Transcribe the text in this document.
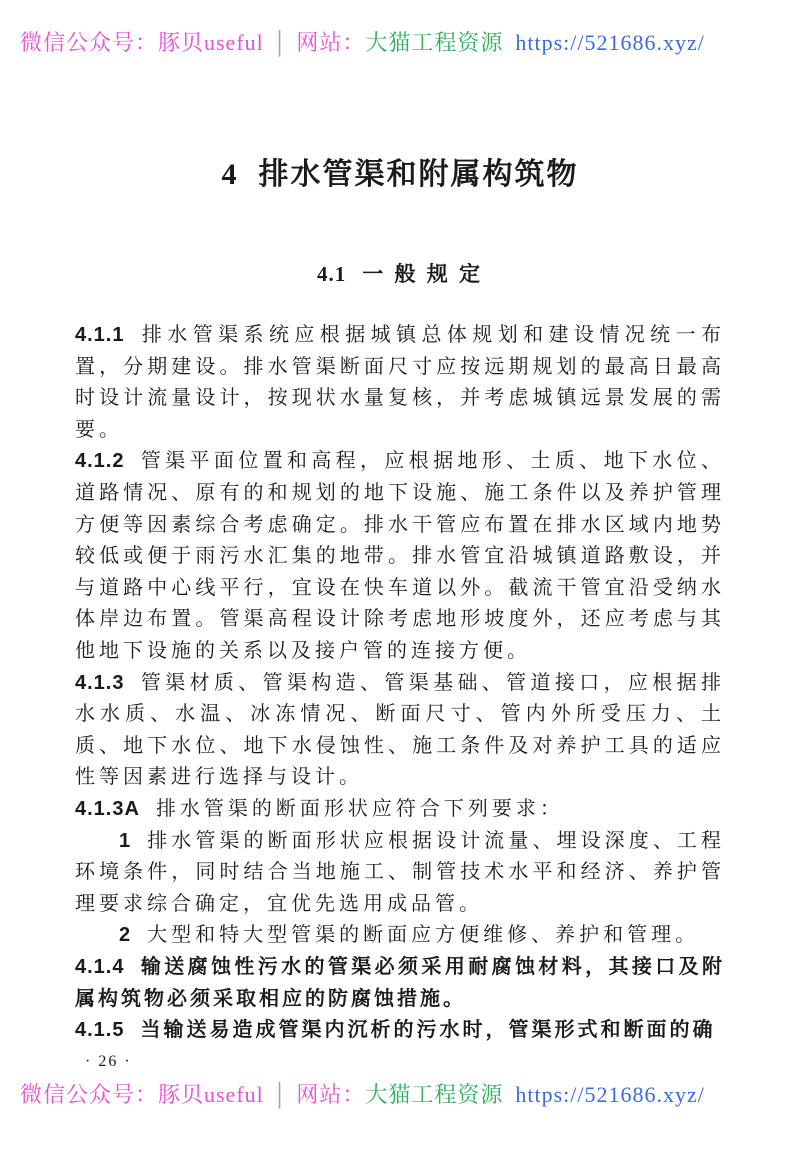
微信公众号：豚贝useful │ 网站：大猫工程资源 https://521686.xyz/
4 排水管渠和附属构筑物
4.1 一 般 规 定

4.1.1 排水管渠系统应根据城镇总体规划和建设情况统一布置，分期建设。排水管渠断面尺寸应按远期规划的最高日最高时设计流量设计，按现状水量复核，并考虑城镇远景发展的需要。

4.1.2 管渠平面位置和高程，应根据地形、土质、地下水位、道路情况、原有的和规划的地下设施、施工条件以及养护管理方便等因素综合考虑确定。排水干管应布置在排水区域内地势较低或便于雨污水汇集的地带。排水管宜沿城镇道路敷设，并与道路中心线平行，宜设在快车道以外。截流干管宜沿受纳水体岸边布置。管渠高程设计除考虑地形坡度外，还应考虑与其他地下设施的关系以及接户管的连接方便。

4.1.3 管渠材质、管渠构造、管渠基础、管道接口，应根据排水水质、水温、冰冻情况、断面尺寸、管内外所受压力、土质、地下水位、地下水侵蚀性、施工条件及对养护工具的适应性等因素进行选择与设计。

4.1.3A 排水管渠的断面形状应符合下列要求：

1 排水管渠的断面形状应根据设计流量、埋设深度、工程环境条件，同时结合当地施工、制管技术水平和经济、养护管理要求综合确定，宜优先选用成品管。

2 大型和特大型管渠的断面应方便维修、养护和管理。

4.1.4 输送腐蚀性污水的管渠必须采用耐腐蚀材料，其接口及附属构筑物必须采取相应的防腐蚀措施。

4.1.5 当输送易造成管渠内沉析的污水时，管渠形式和断面的确

· 26 ·
微信公众号：豚贝useful │ 网站：大猫工程资源 https://521686.xyz/
